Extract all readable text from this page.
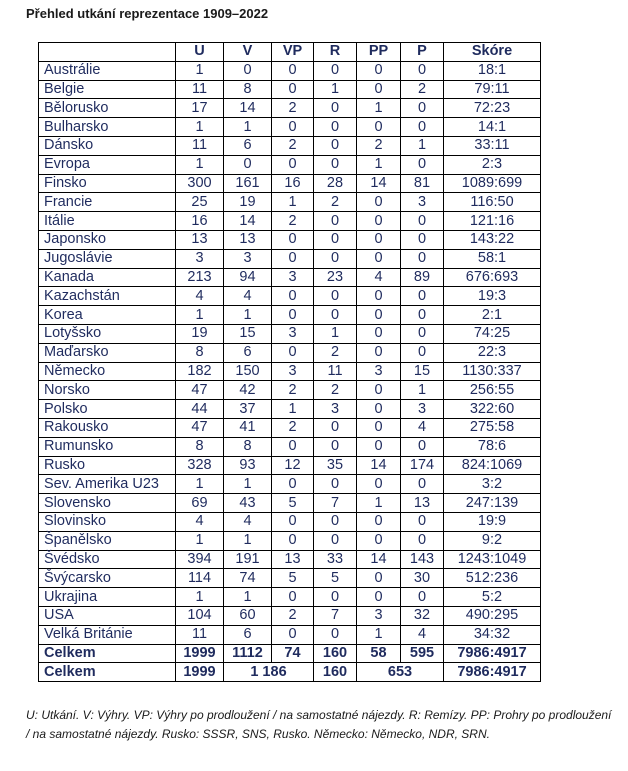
Přehled utkání reprezentace 1909–2022
	U	V	VP	R	PP	P	Skóre
Austrálie	1	0	0	0	0	0	18:1
Belgie	11	8	0	1	0	2	79:11
Bělorusko	17	14	2	0	1	0	72:23
Bulharsko	1	1	0	0	0	0	14:1
Dánsko	11	6	2	0	2	1	33:11
Evropa	1	0	0	0	1	0	2:3
Finsko	300	161	16	28	14	81	1089:699
Francie	25	19	1	2	0	3	116:50
Itálie	16	14	2	0	0	0	121:16
Japonsko	13	13	0	0	0	0	143:22
Jugoslávie	3	3	0	0	0	0	58:1
Kanada	213	94	3	23	4	89	676:693
Kazachstán	4	4	0	0	0	0	19:3
Korea	1	1	0	0	0	0	2:1
Lotyšsko	19	15	3	1	0	0	74:25
Maďarsko	8	6	0	2	0	0	22:3
Německo	182	150	3	11	3	15	1130:337
Norsko	47	42	2	2	0	1	256:55
Polsko	44	37	1	3	0	3	322:60
Rakousko	47	41	2	0	0	4	275:58
Rumunsko	8	8	0	0	0	0	78:6
Rusko	328	93	12	35	14	174	824:1069
Sev. Amerika U23	1	1	0	0	0	0	3:2
Slovensko	69	43	5	7	1	13	247:139
Slovinsko	4	4	0	0	0	0	19:9
Španělsko	1	1	0	0	0	0	9:2
Švédsko	394	191	13	33	14	143	1243:1049
Švýcarsko	114	74	5	5	0	30	512:236
Ukrajina	1	1	0	0	0	0	5:2
USA	104	60	2	7	3	32	490:295
Velká Británie	11	6	0	0	1	4	34:32
Celkem	1999	1112	74	160	58	595	7986:4917
Celkem	1999	1 186		160	653		7986:4917
U: Utkání. V: Výhry. VP: Výhry po prodloužení / na samostatné nájezdy. R: Remízy. PP: Prohry po prodloužení / na samostatné nájezdy. Rusko: SSSR, SNS, Rusko. Německo: Německo, NDR, SRN.
